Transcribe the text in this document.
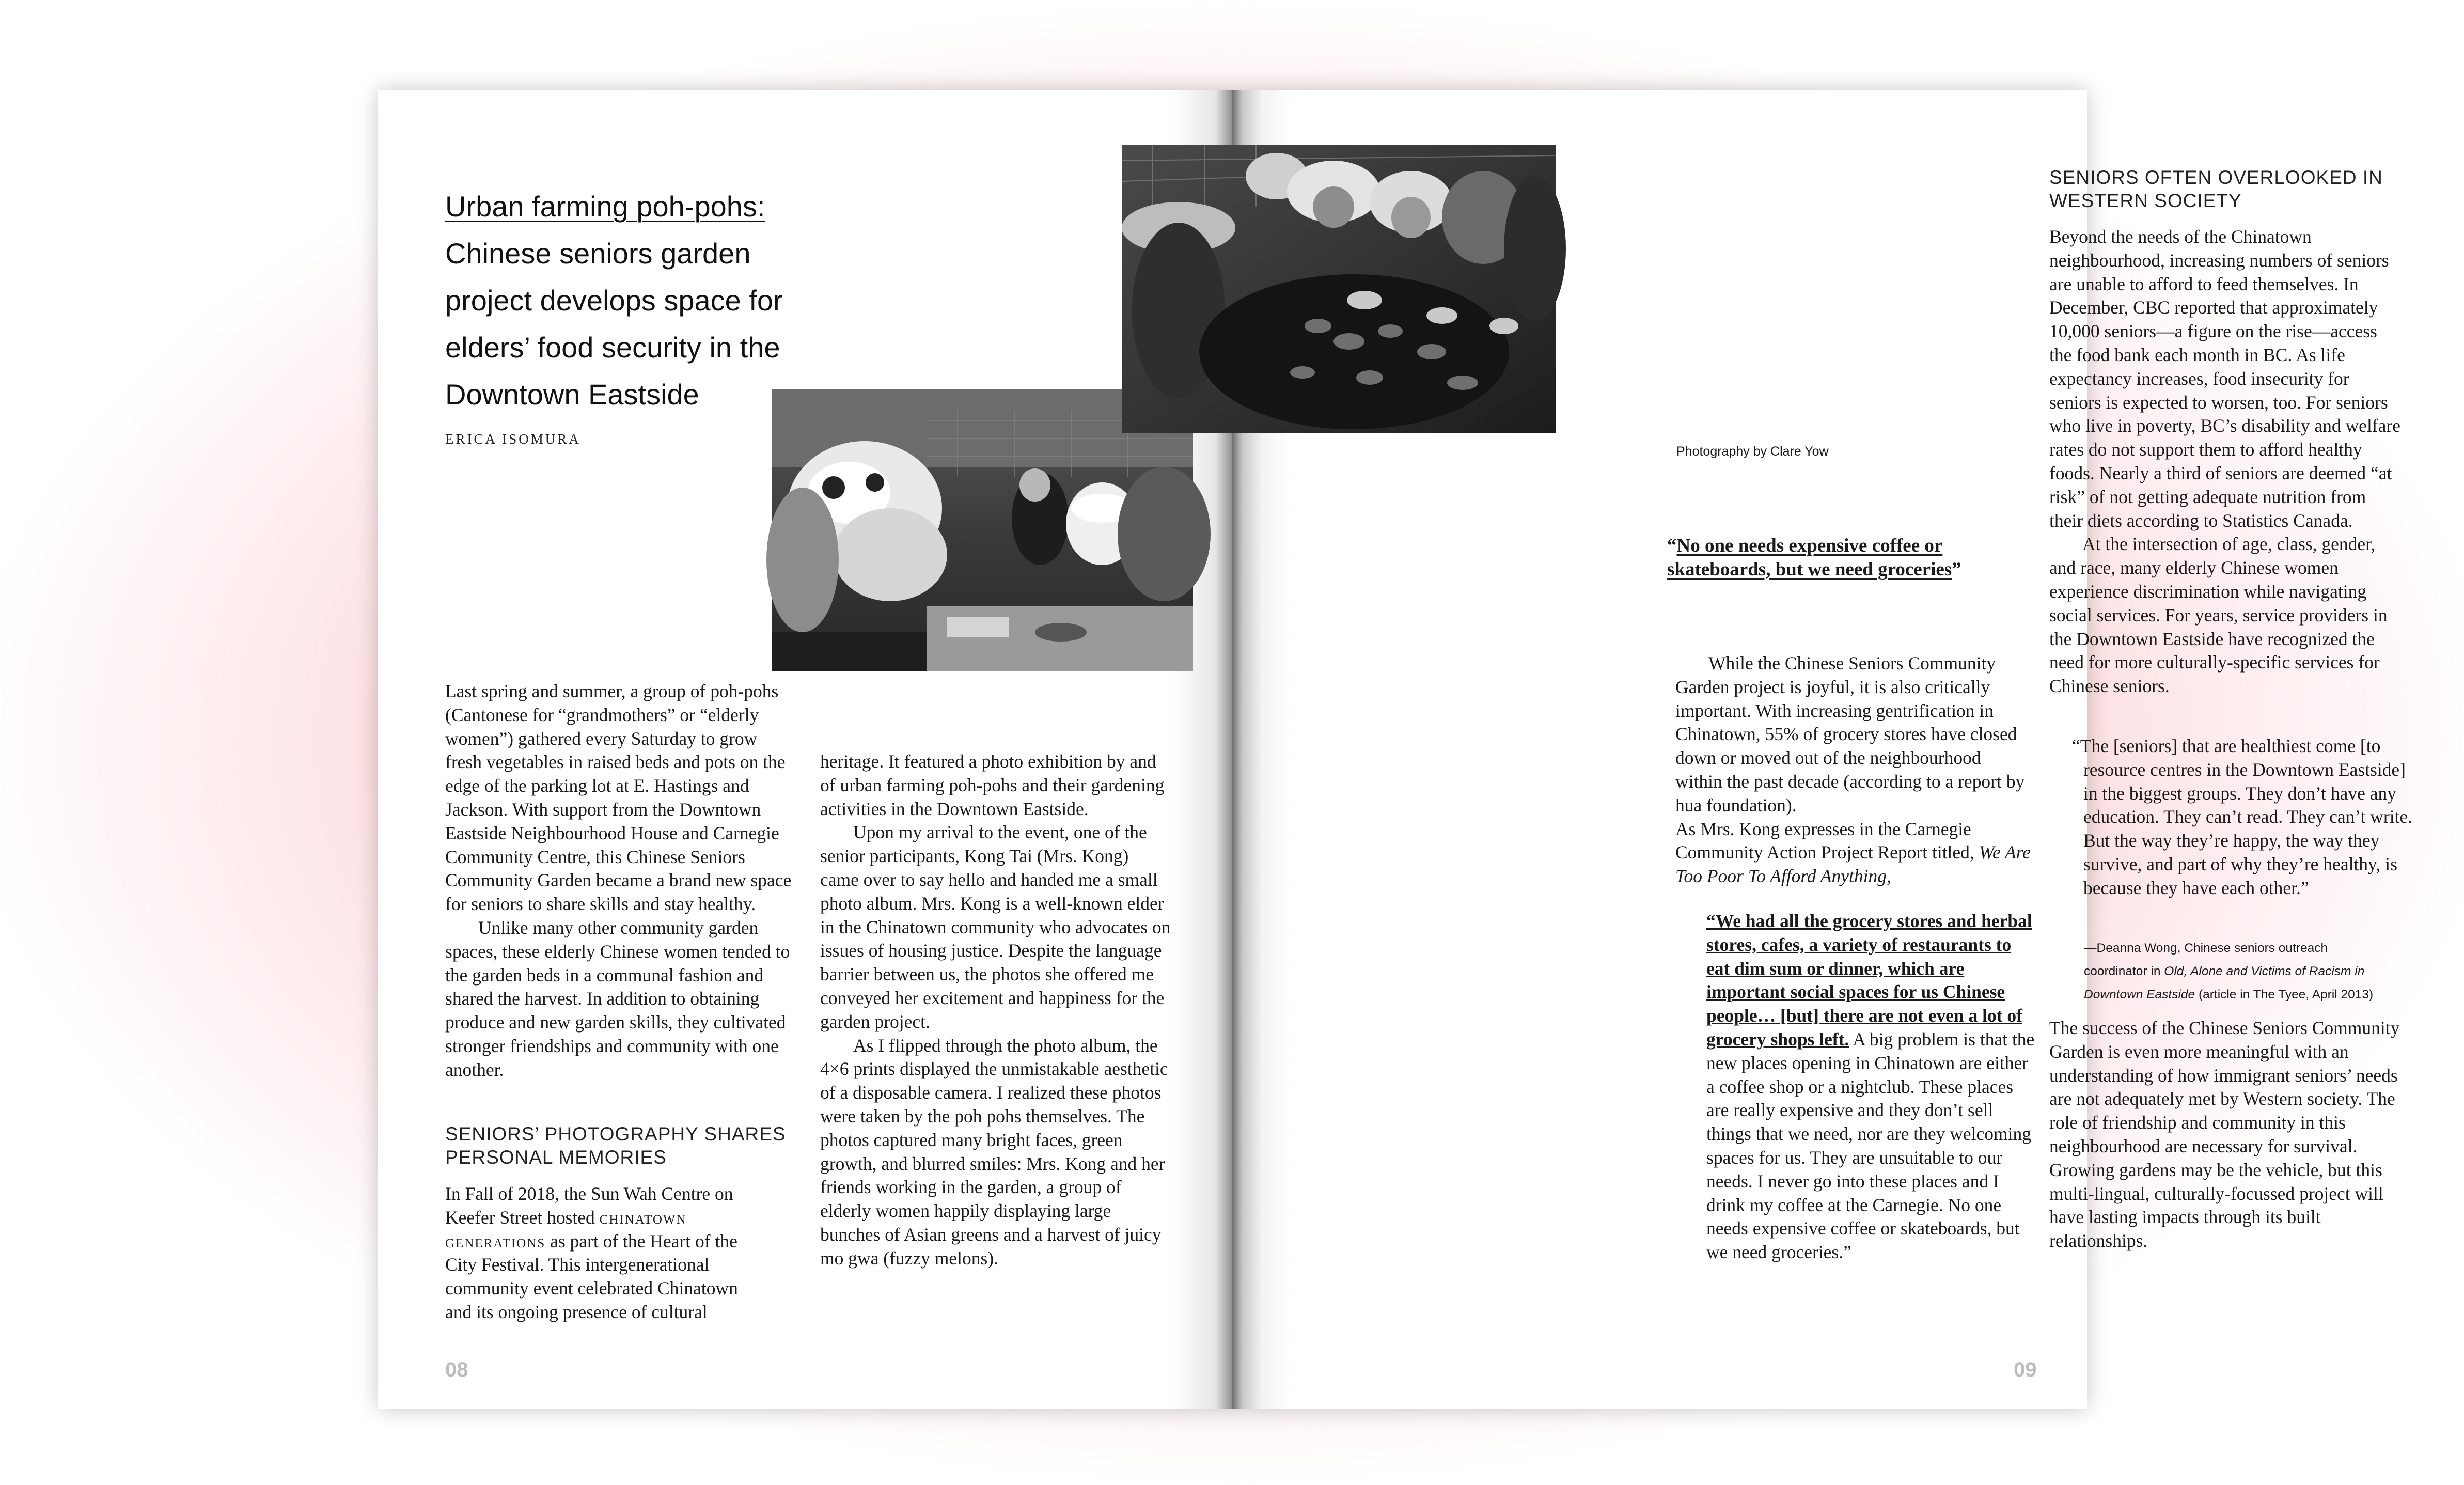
Urban farming poh-pohs:
Chinese seniors garden project develops space for elders’ food security in the Downtown Eastside
ERICA ISOMURA

Last spring and summer, a group of poh-pohs (Cantonese for “grandmothers” or “elderly women”) gathered every Saturday to grow fresh vegetables in raised beds and pots on the edge of the parking lot at E. Hastings and Jackson. With support from the Downtown Eastside Neighbourhood House and Carnegie Community Centre, this Chinese Seniors Community Garden became a brand new space for seniors to share skills and stay healthy.

Unlike many other community garden spaces, these elderly Chinese women tended to the garden beds in a communal fashion and shared the harvest. In addition to obtaining produce and new garden skills, they cultivated stronger friendships and community with one another.

SENIORS’ PHOTOGRAPHY SHARES PERSONAL MEMORIES

In Fall of 2018, the Sun Wah Centre on Keefer Street hosted chinatown generations as part of the Heart of the City Festival. This intergenerational community event celebrated Chinatown and its ongoing presence of cultural

heritage. It featured a photo exhibition by and of urban farming poh-pohs and their gardening activities in the Downtown Eastside.

Upon my arrival to the event, one of the senior participants, Kong Tai (Mrs. Kong) came over to say hello and handed me a small photo album. Mrs. Kong is a well-known elder in the Chinatown community who advocates on issues of housing justice. Despite the language barrier between us, the photos she offered me conveyed her excitement and happiness for the garden project.

As I flipped through the photo album, the 4×6 prints displayed the unmistakable aesthetic of a disposable camera. I realized these photos were taken by the poh pohs themselves. The photos captured many bright faces, green growth, and blurred smiles: Mrs. Kong and her friends working in the garden, a group of elderly women happily displaying large bunches of Asian greens and a harvest of juicy mo gwa (fuzzy melons).

08
Photography by Clare Yow
“No one needs expensive coffee or skateboards, but we need groceries”

While the Chinese Seniors Community Garden project is joyful, it is also critically important. With increasing gentrification in Chinatown, 55% of grocery stores have closed down or moved out of the neighbourhood within the past decade (according to a report by hua foundation).

As Mrs. Kong expresses in the Carnegie Community Action Project Report titled, We Are Too Poor To Afford Anything,

“We had all the grocery stores and herbal stores, cafes, a variety of restaurants to eat dim sum or dinner, which are important social spaces for us Chinese people… [but] there are not even a lot of grocery shops left. A big problem is that the new places opening in Chinatown are either a coffee shop or a nightclub. These places are really expensive and they don’t sell things that we need, nor are they welcoming spaces for us. They are unsuitable to our needs. I never go into these places and I drink my coffee at the Carnegie. No one needs expensive coffee or skateboards, but we need groceries.”

SENIORS OFTEN OVERLOOKED IN WESTERN SOCIETY

Beyond the needs of the Chinatown neighbourhood, increasing numbers of seniors are unable to afford to feed themselves. In December, CBC reported that approximately 10,000 seniors—a figure on the rise—access the food bank each month in BC. As life expectancy increases, food insecurity for seniors is expected to worsen, too. For seniors who live in poverty, BC’s disability and welfare rates do not support them to afford healthy foods. Nearly a third of seniors are deemed “at risk” of not getting adequate nutrition from their diets according to Statistics Canada.

At the intersection of age, class, gender, and race, many elderly Chinese women experience discrimination while navigating social services. For years, service providers in the Downtown Eastside have recognized the need for more culturally-specific services for Chinese seniors.

“The [seniors] that are healthiest come [to resource centres in the Downtown Eastside] in the biggest groups. They don’t have any education. They can’t read. They can’t write. But the way they’re happy, the way they survive, and part of why they’re healthy, is because they have each other.”
—Deanna Wong, Chinese seniors outreach
coordinator in Old, Alone and Victims of Racism in
Downtown Eastside (article in The Tyee, April 2013)

The success of the Chinese Seniors Community Garden is even more meaningful with an understanding of how immigrant seniors’ needs are not adequately met by Western society. The role of friendship and community in this neighbourhood are necessary for survival. Growing gardens may be the vehicle, but this multi-lingual, culturally-focussed project will have lasting impacts through its built relationships.

09
